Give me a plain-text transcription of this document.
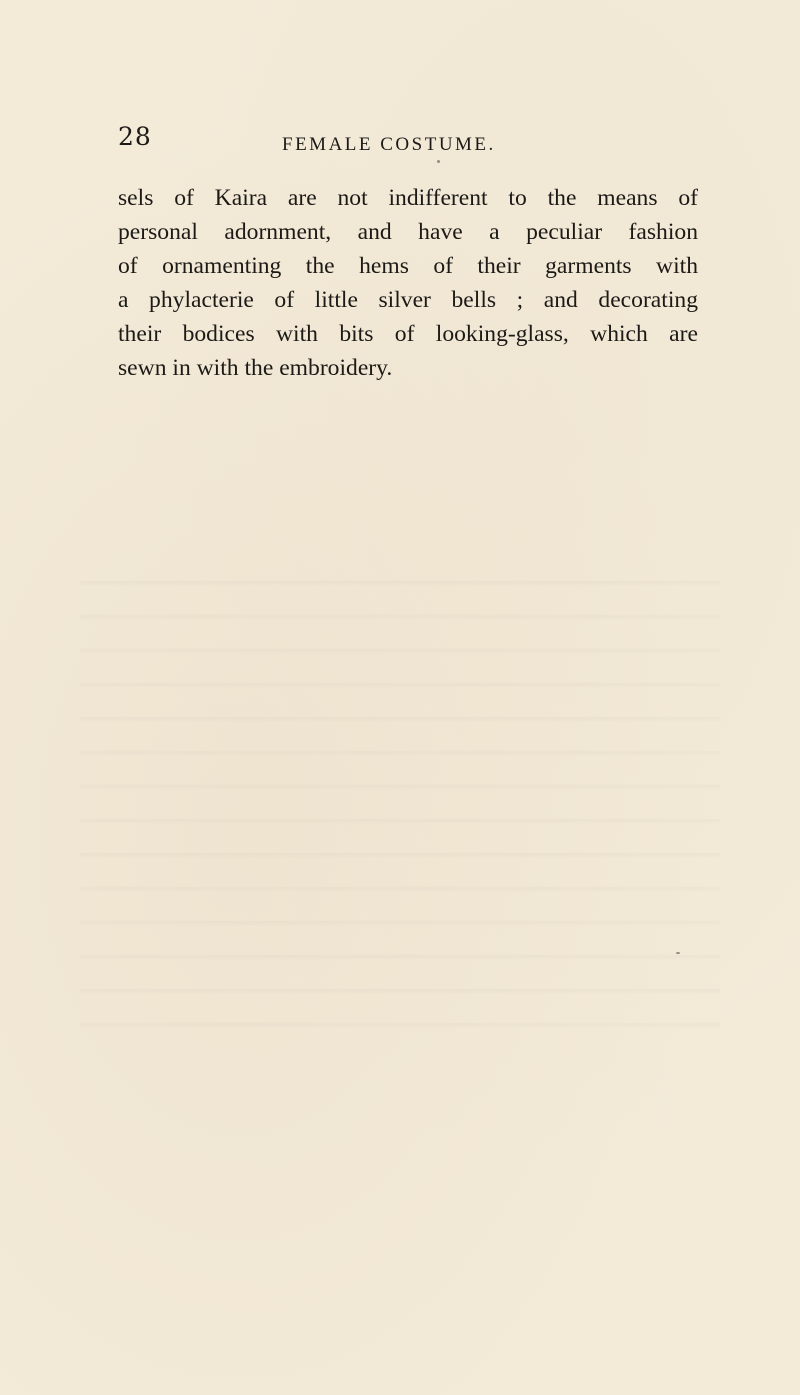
28	FEMALE COSTUME.
sels of Kaira are not indifferent to the means of
personal adornment, and have a peculiar fashion
of ornamenting the hems of their garments with
a phylacterie of little silver bells ; and decorating
their bodices with bits of looking-glass, which are
sewn in with the embroidery.
